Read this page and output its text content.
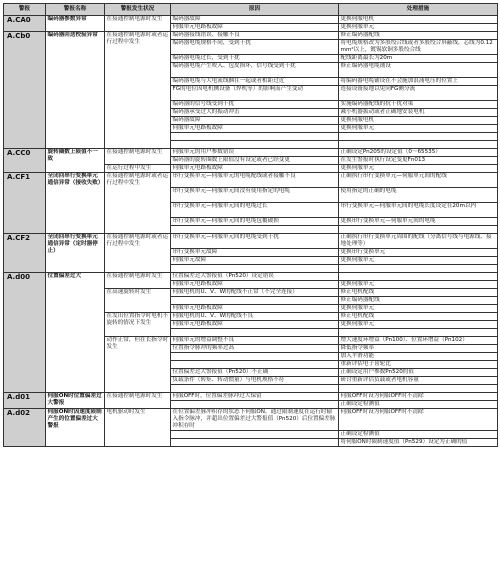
警报	警报名称	警报发生状况	原因	处理措施
A.CA0	编码器参数异常	在接通控制电源时发生	编码器故障	更换伺服电机
			伺服单元电路板故障	更换伺服单元
A.Cb0	编码器回送校验异常	在接通控制电源时或者运行过程中发生	编码器接线错误、接触不良	修正编码器配线
			编码器电缆规格不同，受到干扰	将电缆规格改为多股绞合线或者多股绞合屏蔽线，芯线为0.12mm²以上，镀锡软铜多股绞合线
			编码器电缆过长，受到干扰	配线距离最长为20m
			编码器电缆产生咬入、包皮损坏，信号线受到干扰	修正编码器电缆铺设
			编码器电缆与大电流线捆在一起或者相距过近	将编码器电缆铺设在不会施加浪涌电压的位置上
			FG的电位因电机侧设备（焊机等）的影响而产生变动	连接设备接地以免向FG侧分流
			编码器的信号线受到干扰	实施编码器配线的抗干扰对策
			编码器承受过大的振动冲击	减小机器振动或者正确地安装电机
			编码器故障	更换伺服电机
			伺服单元电路板故障	更换伺服单元

A.CC0	旋转圈数上限值不一致	在接通控制电源时发生	伺服单元的用户参数错误	正确设定Pn205的设定值（0～65535）
			编码器的旋转圈数上限值没有设定或者已经变更	在发生警报时执行设定变更Fn013
		在运行过程中发生	伺服单元电路板故障	更换伺服单元
A.CF1	全闭回串行变换单元通信异常（接收失败）	在接通控制电源时或者运行过程中发生	串行变换单元—伺服单元的电缆配线或者接触不良	正确执行串行变换单元—伺服单元间的配线
			串行变换单元—伺服单元间没有使用指定的电缆	使用指定的正确的电缆
			串行变换单元—伺服单元间的电缆过长	串行变换单元—伺服单元间的电缆长度设定在20m以内
			串行变换单元—伺服单元间的电缆包覆破损	更换串行变换单元—伺服单元间的电缆

A.CF2	全闭回串行变换单元通信异常（定时器停止）	在接通控制电源时或者运行过程中发生	串行变换单元—伺服单元间的电缆受到干扰	正确执行串行变换单元周围的配线（分离信号线与电源线、接地处理等）
			串行变换单元故障	更换串行变换单元
			伺服单元故障	更换伺服单元

A.d00	位置偏差过大	在接通控制电源时发生	位置偏差过大警报值（Pn520）设定错误	
			伺服单元电路板故障	更换伺服单元
		在高速旋转时发生	伺服电机的U、V、W的配线不正常（不完全连接）	修正电机配线
				修正编码器配线
			伺服单元电路板故障	更换伺服单元
		在发出位置指令时电机不旋转的情况下发生	伺服电机的U、V、W的配线不良	修正电机配线
			伺服单元电路板故障	更换伺服单元

		动作正常，但在长指令时发生	伺服单元的增益调整不良	增大速度环增益（Pn100）、位置环增益（Pn102）
			位置指令脉冲的频率过高	降低指令频率
				加入平滑功能
				重新评估电子齿轮比
			位置偏差过大警报值（Pn520）不正确	正确设定用户参数Pn520的值
			负载条件（转矩、转动惯量）与电机规格不符	研讨重新评估负载或者电机容量

A.d01	伺服ON时位置偏差过大警报	在接通控制电源时发生	伺服OFF时，位置偏差脉冲过大保留	伺服OFF时设为伺服OFF时不清除
				正确设定检测值
A.d02	伺服ON时因速度限制产生的位置偏差过大警报	电机驱动时发生	在位置偏差脉冲积存的状态下伺服ON，通过限制速度在运行时输入指令脉冲，并超出位置偏差过大警报值（Pn520）后位置偏差脉冲积存时	伺服OFF时设为伺服OFF时不清除
				正确设定检测值
				将伺服ON时限制速度值（Pn529）设定为正确的值
